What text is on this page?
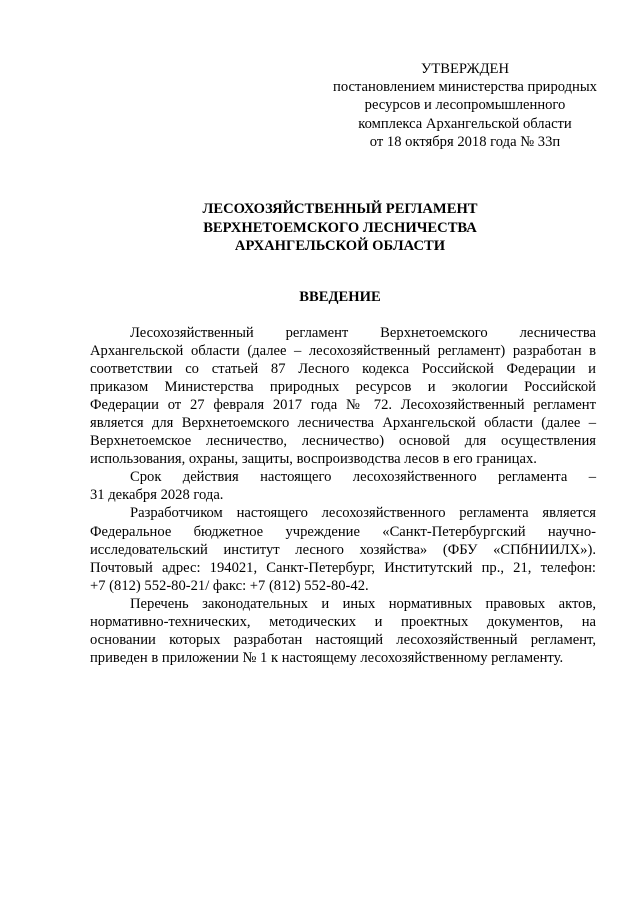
УТВЕРЖДЕН
постановлением министерства природных
ресурсов и лесопромышленного
комплекса Архангельской области
от 18 октября 2018 года № 33п
ЛЕСОХОЗЯЙСТВЕННЫЙ РЕГЛАМЕНТ
ВЕРХНЕТОЕМСКОГО ЛЕСНИЧЕСТВА
АРХАНГЕЛЬСКОЙ ОБЛАСТИ
ВВЕДЕНИЕ
Лесохозяйственный регламент Верхнетоемского лесничества
Архангельской области (далее – лесохозяйственный регламент) разработан в
соответствии со статьей 87 Лесного кодекса Российской Федерации и
приказом Министерства природных ресурсов и экологии Российской
Федерации от 27 февраля 2017 года № 72. Лесохозяйственный регламент
является для Верхнетоемского лесничества Архангельской области (далее –
Верхнетоемское лесничество, лесничество) основой для осуществления
использования, охраны, защиты, воспроизводства лесов в его границах.
Срок действия настоящего лесохозяйственного регламента –
31 декабря 2028 года.
Разработчиком настоящего лесохозяйственного регламента является
Федеральное бюджетное учреждение «Санкт-Петербургский научно-
исследовательский институт лесного хозяйства» (ФБУ «СПбНИИЛХ»).
Почтовый адрес: 194021, Санкт-Петербург, Институтский пр., 21, телефон:
+7 (812) 552-80-21/ факс: +7 (812) 552-80-42.
Перечень законодательных и иных нормативных правовых актов,
нормативно-технических, методических и проектных документов, на
основании которых разработан настоящий лесохозяйственный регламент,
приведен в приложении № 1 к настоящему лесохозяйственному регламенту.
